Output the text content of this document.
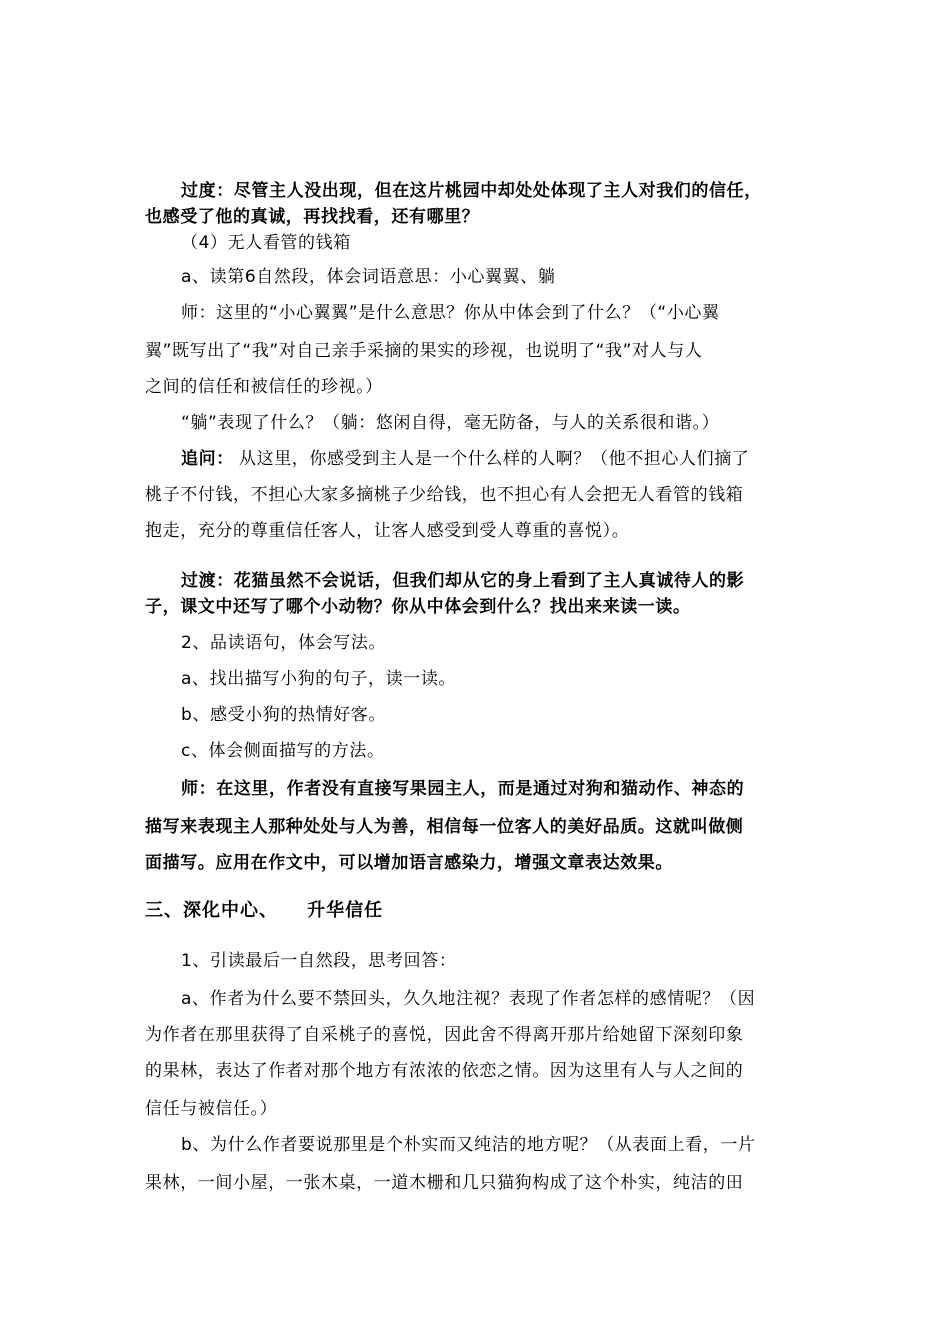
过度：尽管主人没出现，但在这片桃园中却处处体现了主人对我们的信任，

也感受了他的真诚，再找找看，还有哪里？

（4）无人看管的钱箱

a、读第6自然段，体会词语意思：小心翼翼、躺

师：这里的“小心翼翼”是什么意思？你从中体会到了什么？（“小心翼

翼”既写出了“我”对自己亲手采摘的果实的珍视，也说明了“我”对人与人

之间的信任和被信任的珍视。）

“躺”表现了什么？（躺：悠闲自得，毫无防备，与人的关系很和谐。）

追问： 从这里，你感受到主人是一个什么样的人啊？（他不担心人们摘了

桃子不付钱，不担心大家多摘桃子少给钱，也不担心有人会把无人看管的钱箱

抱走，充分的尊重信任客人，让客人感受到受人尊重的喜悦）。

过渡：花猫虽然不会说话，但我们却从它的身上看到了主人真诚待人的影

子，课文中还写了哪个小动物？你从中体会到什么？找出来来读一读。

2、品读语句，体会写法。

a、找出描写小狗的句子，读一读。

b、感受小狗的热情好客。

c、体会侧面描写的方法。

师：在这里，作者没有直接写果园主人，而是通过对狗和猫动作、神态的

描写来表现主人那种处处与人为善，相信每一位客人的美好品质。这就叫做侧

面描写。应用在作文中，可以增加语言感染力，增强文章表达效果。

三、深化中心、    升华信任

1、引读最后一自然段，思考回答：

a、作者为什么要不禁回头，久久地注视？表现了作者怎样的感情呢？（因

为作者在那里获得了自采桃子的喜悦，因此舍不得离开那片给她留下深刻印象

的果林，表达了作者对那个地方有浓浓的依恋之情。因为这里有人与人之间的

信任与被信任。）

b、为什么作者要说那里是个朴实而又纯洁的地方呢？（从表面上看，一片

果林，一间小屋，一张木桌，一道木栅和几只猫狗构成了这个朴实，纯洁的田
